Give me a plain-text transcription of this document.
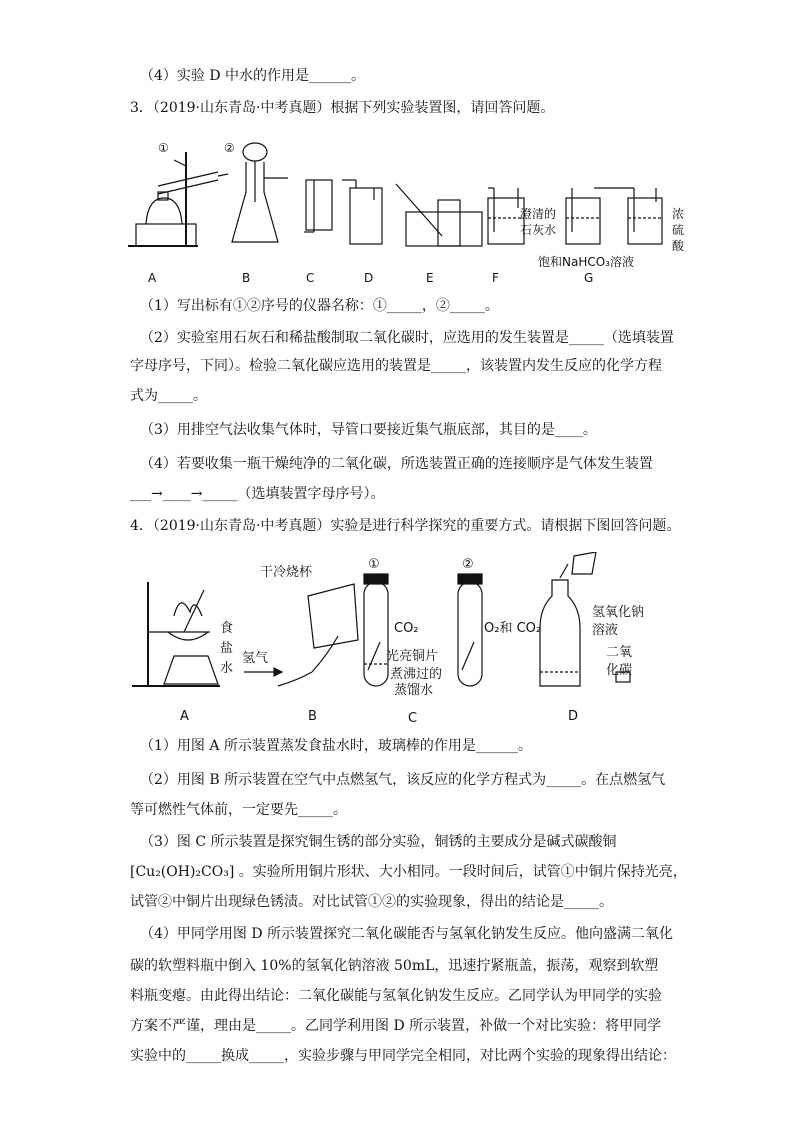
（4）实验 D 中水的作用是______。
3．（2019·山东青岛·中考真题）根据下列实验装置图，请回答问题。
①	②
澄清的
石灰水
饱和NaHCO₃溶液
浓
硫
酸
A	B	C	D	E	F	G
（1）写出标有①②序号的仪器名称：①_____，②_____。
（2）实验室用石灰石和稀盐酸制取二氧化碳时，应选用的发生装置是_____（选填装置
字母序号，下同）。检验二氧化碳应选用的装置是_____，该装置内发生反应的化学方程
式为_____。
（3）用排空气法收集气体时，导管口要接近集气瓶底部，其目的是____。
（4）若要收集一瓶干燥纯净的二氧化碳，所选装置正确的连接顺序是气体发生装置
___→____→_____（选填装置字母序号）。
4．（2019·山东青岛·中考真题）实验是进行科学探究的重要方式。请根据下图回答问题。
食
盐
水
干冷烧杯
氢气
①	②
CO₂	O₂和 CO₂
光亮铜片
煮沸过的
蒸馏水
氢氧化钠
溶液
二氧
化碳
A	B	C	D
（1）用图 A 所示装置蒸发食盐水时，玻璃棒的作用是______。
（2）用图 B 所示装置在空气中点燃氢气，该反应的化学方程式为_____。在点燃氢气
等可燃性气体前，一定要先_____。
（3）图 C 所示装置是探究铜生锈的部分实验，铜锈的主要成分是碱式碳酸铜
[Cu₂(OH)₂CO₃] 。实验所用铜片形状、大小相同。一段时间后，试管①中铜片保持光亮，
试管②中铜片出现绿色锈渍。对比试管①②的实验现象，得出的结论是_____。
（4）甲同学用图 D 所示装置探究二氧化碳能否与氢氧化钠发生反应。他向盛满二氧化
碳的软塑料瓶中倒入 10%的氢氧化钠溶液 50mL，迅速拧紧瓶盖，振荡，观察到软塑
料瓶变瘪。由此得出结论：二氧化碳能与氢氧化钠发生反应。乙同学认为甲同学的实验
方案不严谨，理由是_____。乙同学利用图 D 所示装置，补做一个对比实验：将甲同学
实验中的_____换成_____，实验步骤与甲同学完全相同，对比两个实验的现象得出结论：
